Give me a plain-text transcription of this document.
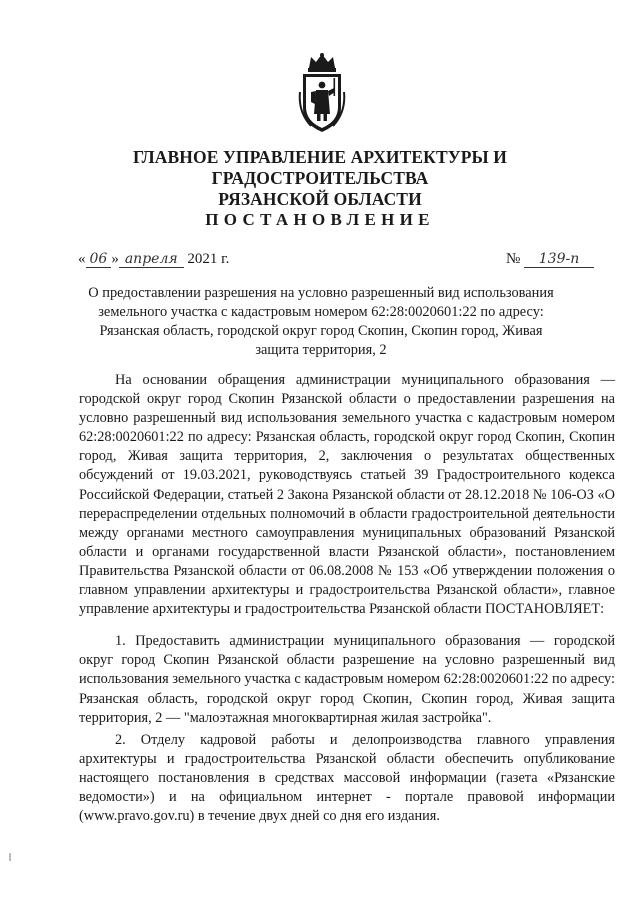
ГЛАВНОЕ УПРАВЛЕНИЕ АРХИТЕКТУРЫ И ГРАДОСТРОИТЕЛЬСТВА
РЯЗАНСКОЙ ОБЛАСТИ
ПОСТАНОВЛЕНИЕ
« 06 » апреля 2021 г.	№ 139-п
О предоставлении разрешения на условно разрешенный вид использования земельного участка с кадастровым номером 62:28:0020601:22 по адресу: Рязанская область, городской округ город Скопин, Скопин город, Живая защита территория, 2

На основании обращения администрации муниципального образования — городской округ город Скопин Рязанской области о предоставлении разрешения на условно разрешенный вид использования земельного участка с кадастровым номером 62:28:0020601:22 по адресу: Рязанская область, городской округ город Скопин, Скопин город, Живая защита территория, 2, заключения о результатах общественных обсуждений от 19.03.2021, руководствуясь статьей 39 Градостроительного кодекса Российской Федерации, статьей 2 Закона Рязанской области от 28.12.2018 № 106-ОЗ «О перераспределении отдельных полномочий в области градостроительной деятельности между органами местного самоуправления муниципальных образований Рязанской области и органами государственной власти Рязанской области», постановлением Правительства Рязанской области от 06.08.2008 № 153 «Об утверждении положения о главном управлении архитектуры и градостроительства Рязанской области», главное управление архитектуры и градостроительства Рязанской области ПОСТАНОВЛЯЕТ:

1. Предоставить администрации муниципального образования — городской округ город Скопин Рязанской области разрешение на условно разрешенный вид использования земельного участка с кадастровым номером 62:28:0020601:22 по адресу: Рязанская область, городской округ город Скопин, Скопин город, Живая защита территория, 2 — "малоэтажная многоквартирная жилая застройка".

2. Отделу кадровой работы и делопроизводства главного управления архитектуры и градостроительства Рязанской области обеспечить опубликование настоящего постановления в средствах массовой информации (газета «Рязанские ведомости») и на официальном интернет - портале правовой информации (www.pravo.gov.ru) в течение двух дней со дня его издания.
